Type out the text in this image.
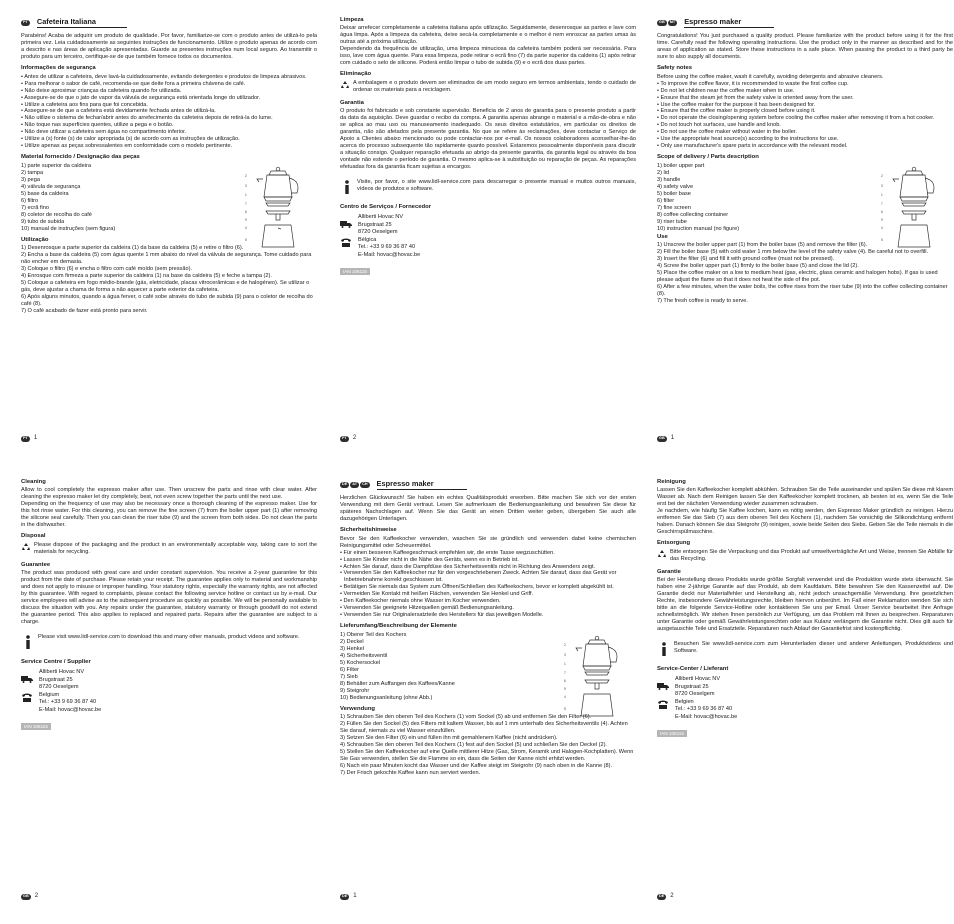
PT Cafeteira Italiana

Parabéns! Acaba de adquirir um produto de qualidade. Por favor, familiarize-se com o produto antes de utilizá-lo pela primeira vez. Leia cuidadosamente as seguintes instruções de funcionamento. Utilize o produto apenas de acordo com a descrito e nas áreas de aplicação apresentadas. Guarde as presentes instruções num local seguro. Ao transmitir o produto para um terceiro, certifique-se de que também fornece todos os documentos.

Informações de segurança
• Antes de utilizar a cafeteira, deve lavá-la cuidadosamente, evitando detergentes e produtos de limpeza abrasivos.
• Para melhorar o sabor de café, recomenda-se que deite fora a primeira chávena de café.
• Não deixe aproximar crianças da cafeteira quando for utilizada.
• Assegure-se de que o jato de vapor da válvula de segurança está orientada longe do utilizador.
• Utilize a cafeteira aos fins para que foi concebida.
• Assegure-se de que a cafeteira está devidamente fechada antes de utilizá-la.
• Não utilize o sistema de fechar/abrir antes do arrefecimento da cafeteira depois de retirá-la do lume.
• Não toque nas superfícies quentes, utilize a pega e o botão.
• Não deve utilizar a cafeteira sem água no compartimento inferior.
• Utilize a (s) fonte (s) de calor apropriada (s) de acordo com as instruções de utilização.
• Utilize apenas as peças sobressalentes em conformidade com o modelo pertinente.
Material fornecido / Designação das peças
1) parte superior da caldeira
2) tampa
3) pega
4) válvula de segurança
5) base da caldeira
6) filtro
7) ecrã fino
8) coletor de recolha do café
9) tubo de subida
10) manual de instruções (sem figura)
2
3
1
7
6
9
4
5
Utilização
1) Desenrosque a parte superior da caldeira (1) da base da caldeira (5) e retire o filtro (6).
2) Encha a base da caldeira (5) com água quente 1 mm abaixo do nível da válvula de segurança. Tome cuidado para não encher em demasia.
3) Coloque o filtro (6) e encha o filtro com café moído (sem pressão).
4) Enrosque com firmeza a parte superior da caldeira (1) na base da caldeira (5) e feche a tampa (2).
5) Coloque a cafeteira em fogo médio-brande (gás, eletricidade, placas vitrocerâmicas e de halogéneo). Se utilizar o gás, deve ajustar a chama de forma a não aquecer a parte exterior da cafeteira.
6) Após alguns minutos, quando a água ferver, o café sobe através do tubo de subida (9) para o coletor de recolha do café (8).
7) O café acabado de fazer está pronto para servir.
PT	1
Limpeza

Deixar arrefecer completamente a cafeteira italiana após utilização. Seguidamente, desenrosque as partes e lave com água limpa. Após a limpeza da cafeteira, deixe secá-la completamente e o melhor é nem enroscar as partes umas às outras até a próxima utilização.
Dependendo da frequência de utilização, uma limpeza minuciosa da cafeteira também poderá ser necessária. Para isso, lave com água quente. Para essa limpeza, pode retirar o ecrã fino (7) da parte superior da caldeira (1) após retirar com cuidado o selo de silicone. Poderá então limpar o tubo de subida (9) e o ecrã dos duas partes.

Eliminação

A embalagem e o produto devem ser eliminados de um modo seguro em termos ambientais, tendo o cuidado de ordenar os materiais para a reciclagem.

Garantia

O produto foi fabricado e sob constante supervisão. Beneficia de 2 anos de garantia para o presente produto a partir da data da aquisição. Deve guardar o recibo da compra. A garantia apenas abrange o material e a mão-de-obra e não se aplica ao mau uso ou manuseamento inadequado. Os seus direitos estatutários, em particular os direitos de garantia, não são afetados pela presente garantia. No que se refere às reclamações, deve contactar o Serviço de Apoio a Clientes abaixo mencionado ou pode contactar-nos por e-mail. Os nossos colaboradores aconselhar-lhe-ão acerca do processo subsequente tão rapidamente quanto possível. Estaremos pessoalmente disponíveis para discutir a situação consigo. Qualquer reparação efetuada ao abrigo da presente garantia, da garantia legal ou através da boa vontade não estende o período de garantia. O mesmo aplica-se à substituição ou reparação de peças. As reparações efetuadas fora da garantia ficam sujeitas a encargos.

Visite, por favor, o site www.lidl-service.com para descarregar o presente manual e muitos outros manuais, vídeos de produtos e software.

Centro de Serviços / Fornecedor
Alliberti Hovac NV
Brugstraat 25
8720 Oeselgem
Bélgica
Tel.: +33 9 69 36 87 40
E-Mail: hovac@hovac.be
IAN 106115
PT	2
GB	MT Espresso maker

Congratulations! You just purchased a quality product. Please familiarize with the product before using it for the first time. Carefully read the following operating instructions. Use the product only in the manner as described and for the areas of application as stated. Store these instructions in a safe place. When passing the product to a third party be sure to also supply all documents.

Safety notes

Before using the coffee maker, wash it carefully, avoiding detergents and abrasive cleaners.

• To improve the coffee flavor, it is recommended to waste the first coffee cup.
• Do not let children near the coffee maker when in use.
• Ensure that the steam jet from the safety valve is oriented away from the user.
• Use the coffee maker for the purpose it has been designed for.
• Ensure that the coffee maker is properly closed before using it.
• Do not operate the closing/opening system before cooling the coffee maker after removing it from a hot cooker.
• Do not touch hot surfaces, use handle and knob.
• Do not use the coffee maker without water in the boiler.
• Use the appropriate heat source(s) according to the instructions for use.
• Only use manufacturer's spare parts in accordance with the relevant model.
Scope of delivery / Parts description
1) boiler upper part
2) lid
3) handle
4) safety valve
5) boiler base
6) filter
7) fine screen
8) coffee collecting container
9) riser tube
10) instruction manual (no figure)
2
3
1
7
6
9
4
5
Use
1) Unscrew the boiler upper part (1) from the boiler base (5) and remove the filter (6).
2) Fill the boiler base (5) with cold water 1 mm below the level of the safety valve (4). Be careful not to overfill.
3) Insert the filter (6) and fill it with ground coffee (must not be pressed).
4) Screw the boiler upper part (1) firmly to the boiler base (5) and close the lid (2).
5) Place the coffee maker on a low to medium heat (gas, electric, glass ceramic and halogen hobs). If gas is used please adjust the flame so that it does not heat the side of the pot.
6) After a few minutes, when the water boils, the coffee rises from the riser tube (9) into the coffee collecting container (8).
7) The fresh coffee is ready to serve.
GB	1
Cleaning

Allow to cool completely the espresso maker after use. Then unscrew the parts and rinse with clear water. After cleaning the espresso maker let dry completely, best, not even screw together the parts until the next use.
Depending on the frequency of use may also be necessary once a thorough cleaning of the espresso maker. Use for this hot rinse water. For this cleaning, you can remove the fine screen (7) from the boiler upper part (1) after removing the silicone seal carefully. Then you can clean the riser tube (9) and the screen from both sides. Do not clean the parts in the dishwasher.

Disposal

Please dispose of the packaging and the product in an environmentally acceptable way, taking care to sort the materials for recycling.

Guarantee

The product was produced with great care and under constant supervision. You receive a 2-year guarantee for this product from the date of purchase. Please retain your receipt. The guarantee applies only to material and workmanship and does not apply to misuse or improper handling. Your statutory rights, especially the warranty rights, are not affected by this guarantee. With regard to complaints, please contact the following service hotline or contact us by e-mail. Our service employees will advise as to the subsequent procedure as quickly as possible. We will be personally available to discuss the situation with you. Any repairs under the guarantee, statutory warranty or through goodwill do not extend the guarantee period. This also applies to replaced and repaired parts. Repairs after the guarantee are subject to a charge.

Please visit www.lidl-service.com to download this and many other manuals, product videos and software.

Service Centre / Supplier
Alliberti Hovac NV
Brugstraat 25
8720 Oeselgem
Belgium
Tel.: +33 9 69 36 87 40
E-Mail: hovac@hovac.be
IAN 106115
GB	2
DE	AT	CH Espresso maker

Herzlichen Glückwunsch! Sie haben ein echtes Qualitätsprodukt erworben. Bitte machen Sie sich vor der ersten Verwendung mit dem Gerät vertraut. Lesen Sie aufmerksam die Bedienungsanleitung und bewahren Sie diese für späteres Nachschlagen auf. Wenn Sie das Gerät an einen Dritten weiter geben, übergeben Sie auch alle dazugehörigen Unterlagen.

Sicherheitshinweise

Bevor Sie den Kaffeekocher verwenden, waschen Sie sie gründlich und verwenden dabei keine chemischen Reinigungsmittel oder Scheuermittel.

• Für einen besseren Kaffeegeschmack empfehlen wir, die erste Tasse wegzuschütten.
• Lassen Sie Kinder nicht in die Nähe des Geräts, wenn es in Betrieb ist.
• Achten Sie darauf, dass die Dampfdüse des Sicherheitsventils nicht in Richtung des Anwenders zeigt.
• Verwenden Sie den Kaffeekocher nur für den vorgeschriebenen Zweck. Achten Sie darauf, dass das Gerät vor Inbetriebnahme korrekt geschlossen ist.
• Betätigen Sie niemals das System zum Öffnen/Schließen des Kaffeekochers, bevor er komplett abgekühlt ist.
• Vermeiden Sie Kontakt mit heißen Flächen, verwenden Sie Henkel und Griff.
• Den Kaffeekocher niemals ohne Wasser im Kocher verwenden.
• Verwenden Sie geeignete Hitzequellen gemäß Bedienungsanleitung.
• Verwenden Sie nur Originalersatzteile des Herstellers für das jeweiligen Modelle.
Lieferumfang/Beschreibung der Elemente
1) Oberer Teil des Kochers
2) Deckel
3) Henkel
4) Sicherheitsventil
5) Kochersockel
6) Filter
7) Sieb
8) Behälter zum Auffangen des Kaffees/Kanne
9) Steigrohr
10) Bedienungsanleitung (ohne Abb.)
2
3
1
7
6
9
4
5
Verwendung
1) Schrauben Sie den oberen Teil des Kochers (1) vom Sockel (5) ab und entfernen Sie den Filter (6).
2) Füllen Sie den Sockel (5) des Filters mit kaltem Wasser, bis auf 1 mm unterhalb des Sicherheitsventils (4). Achten Sie darauf, niemals zu viel Wasser einzufüllen.
3) Setzen Sie den Filter (6) ein und füllen ihn mit gemahlenem Kaffee (nicht andrücken).
4) Schrauben Sie den oberen Teil des Kochers (1) fest auf den Sockel (5) und schließen Sie den Deckel (2).
5) Stellen Sie den Kaffeekocher auf eine Quelle mittlerer Hitze (Gas, Strom, Keramik und Halogen-Kochplatten). Wenn Sie Gas verwenden, stellen Sie die Flamme so ein, dass die Seiten der Kanne nicht erhitzt werden.
6) Nach ein paar Minuten kocht das Wasser und der Kaffee steigt im Steigrohr (9) nach oben in die Kanne (8).
7) Der Frisch gekochte Kaffee kann nun serviert werden.
DE	1
Reinigung

Lassen Sie den Kaffeekocher komplett abkühlen. Schrauben Sie die Teile auseinander und spülen Sie diese mit klarem Wasser ab. Nach dem Reinigen lassen Sie den Kaffeekocher komplett trocknen, ab besten ist es, wenn Sie die Teile erst bei der nächsten Verwendung wieder zusammen schrauben.
Je nachdem, wie häufig Sie Kaffee kochen, kann es nötig werden, den Expresso Maker gründlich zu reinigen. Hierzu entfernen Sie das Sieb (7) aus dem oberen Teil des Kochers (1), nachdem Sie vorsichtig die Silikondichtung entfernt haben. Danach können Sie das Steigrohr (9) reinigen, sowie beide Seiten des Siebs. Geben Sie die Teile niemals in die Geschirrspülmaschine.

Entsorgung

Bitte entsorgen Sie die Verpackung und das Produkt auf umweltverträgliche Art und Weise, trennen Sie Abfälle für das Recycling.

Garantie

Bei der Herstellung dieses Produkts wurde größte Sorgfalt verwendet und die Produktion wurde stets überwacht. Sie haben eine 2-jährige Garantie auf das Produkt, ab dem Kaufdatum. Bitte bewahren Sie den Kassenzettel auf. Die Garantie deckt nur Materialfehler und Herstellung ab, nicht jedoch unsachgemäße Verwendung. Ihre gesetzlichen Rechte, insbesondere Gewährleistungsrechte, bleiben hiervon unberührt. Im Fall einer Reklamation wenden Sie sich bitte an die folgende Service-Hotline oder kontaktieren Sie uns per Email. Unser Service bearbeitet Ihre Anfrage schnellstmöglich. Wir stehen Ihnen persönlich zur Verfügung, um das Problem mit Ihnen zu besprechen. Reparaturen unter Garantie oder gemäß Gewährleistungsrechten oder aus Kulanz verlängern die Garantie nicht. Dies gilt auch für ausgetauschte Teile und Ersatzteile. Reparaturen nach Ablauf der Garantiefrist sind kostenpflichtig.

Besuchen Sie www.lidl-service.com zum Herunterladen dieser und anderer Anleitungen, Produktvideos und Software.

Service-Center / Lieferant
Alliberti Hovac NV
Brugstraat 25
8720 Oeselgem
Belgien
Tel.: +33 9 69 36 87 40
E-Mail: hovac@hovac.be
IAN 106115
DE	2
